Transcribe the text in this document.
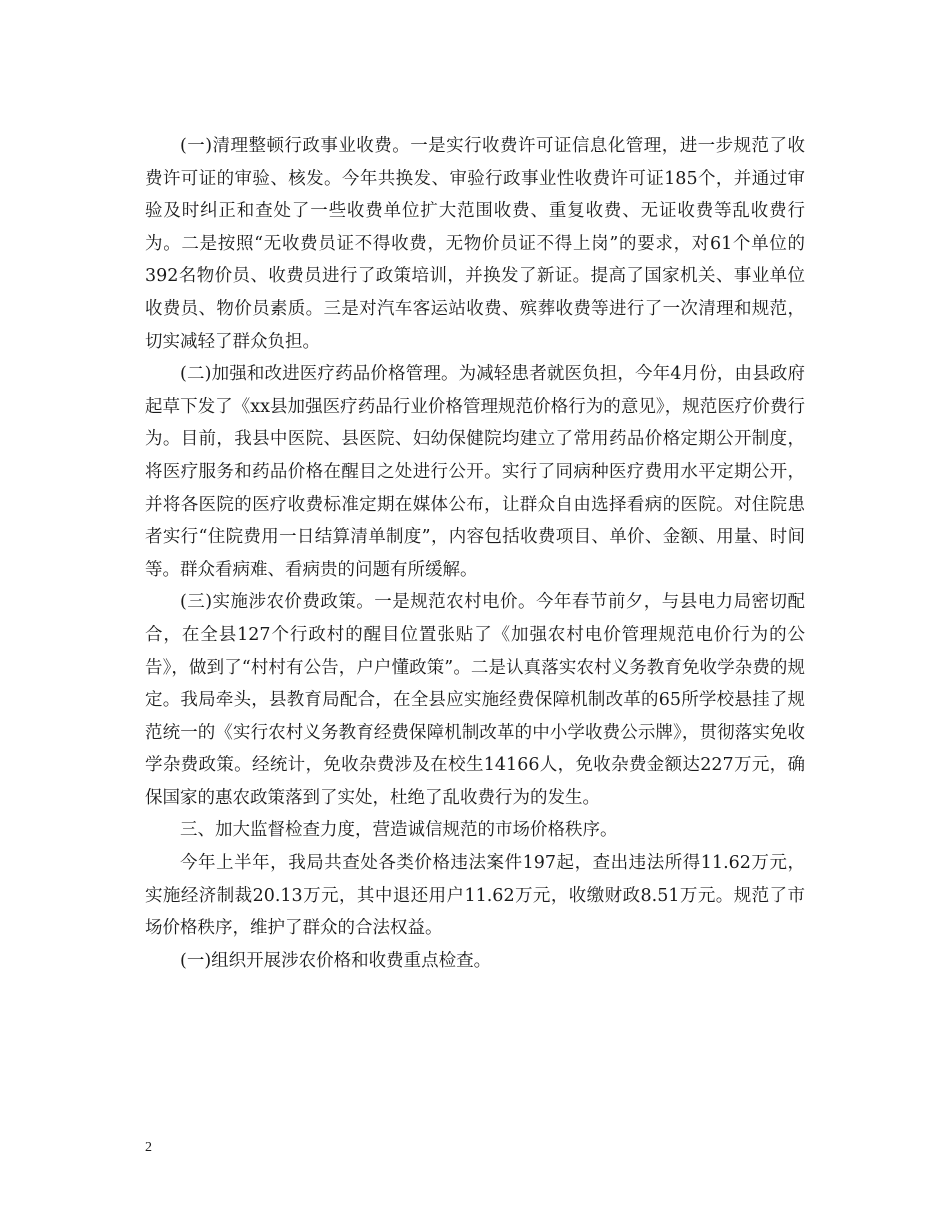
(一)清理整顿行政事业收费。一是实行收费许可证信息化管理，进一步规范了收费许可证的审验、核发。今年共换发、审验行政事业性收费许可证185个，并通过审验及时纠正和查处了一些收费单位扩大范围收费、重复收费、无证收费等乱收费行为。二是按照“无收费员证不得收费，无物价员证不得上岗”的要求，对61个单位的392名物价员、收费员进行了政策培训，并换发了新证。提高了国家机关、事业单位收费员、物价员素质。三是对汽车客运站收费、殡葬收费等进行了一次清理和规范，切实减轻了群众负担。

(二)加强和改进医疗药品价格管理。为减轻患者就医负担，今年4月份，由县政府起草下发了《xx县加强医疗药品行业价格管理规范价格行为的意见》，规范医疗价费行为。目前，我县中医院、县医院、妇幼保健院均建立了常用药品价格定期公开制度，将医疗服务和药品价格在醒目之处进行公开。实行了同病种医疗费用水平定期公开，并将各医院的医疗收费标准定期在媒体公布，让群众自由选择看病的医院。对住院患者实行“住院费用一日结算清单制度”，内容包括收费项目、单价、金额、用量、时间等。群众看病难、看病贵的问题有所缓解。

(三)实施涉农价费政策。一是规范农村电价。今年春节前夕，与县电力局密切配合，在全县127个行政村的醒目位置张贴了《加强农村电价管理规范电价行为的公告》，做到了“村村有公告，户户懂政策”。二是认真落实农村义务教育免收学杂费的规定。我局牵头，县教育局配合，在全县应实施经费保障机制改革的65所学校悬挂了规范统一的《实行农村义务教育经费保障机制改革的中小学收费公示牌》，贯彻落实免收学杂费政策。经统计，免收杂费涉及在校生14166人，免收杂费金额达227万元，确保国家的惠农政策落到了实处，杜绝了乱收费行为的发生。

三、加大监督检查力度，营造诚信规范的市场价格秩序。

今年上半年，我局共查处各类价格违法案件197起，查出违法所得11.62万元，实施经济制裁20.13万元，其中退还用户11.62万元，收缴财政8.51万元。规范了市场价格秩序，维护了群众的合法权益。

(一)组织开展涉农价格和收费重点检查。

2
